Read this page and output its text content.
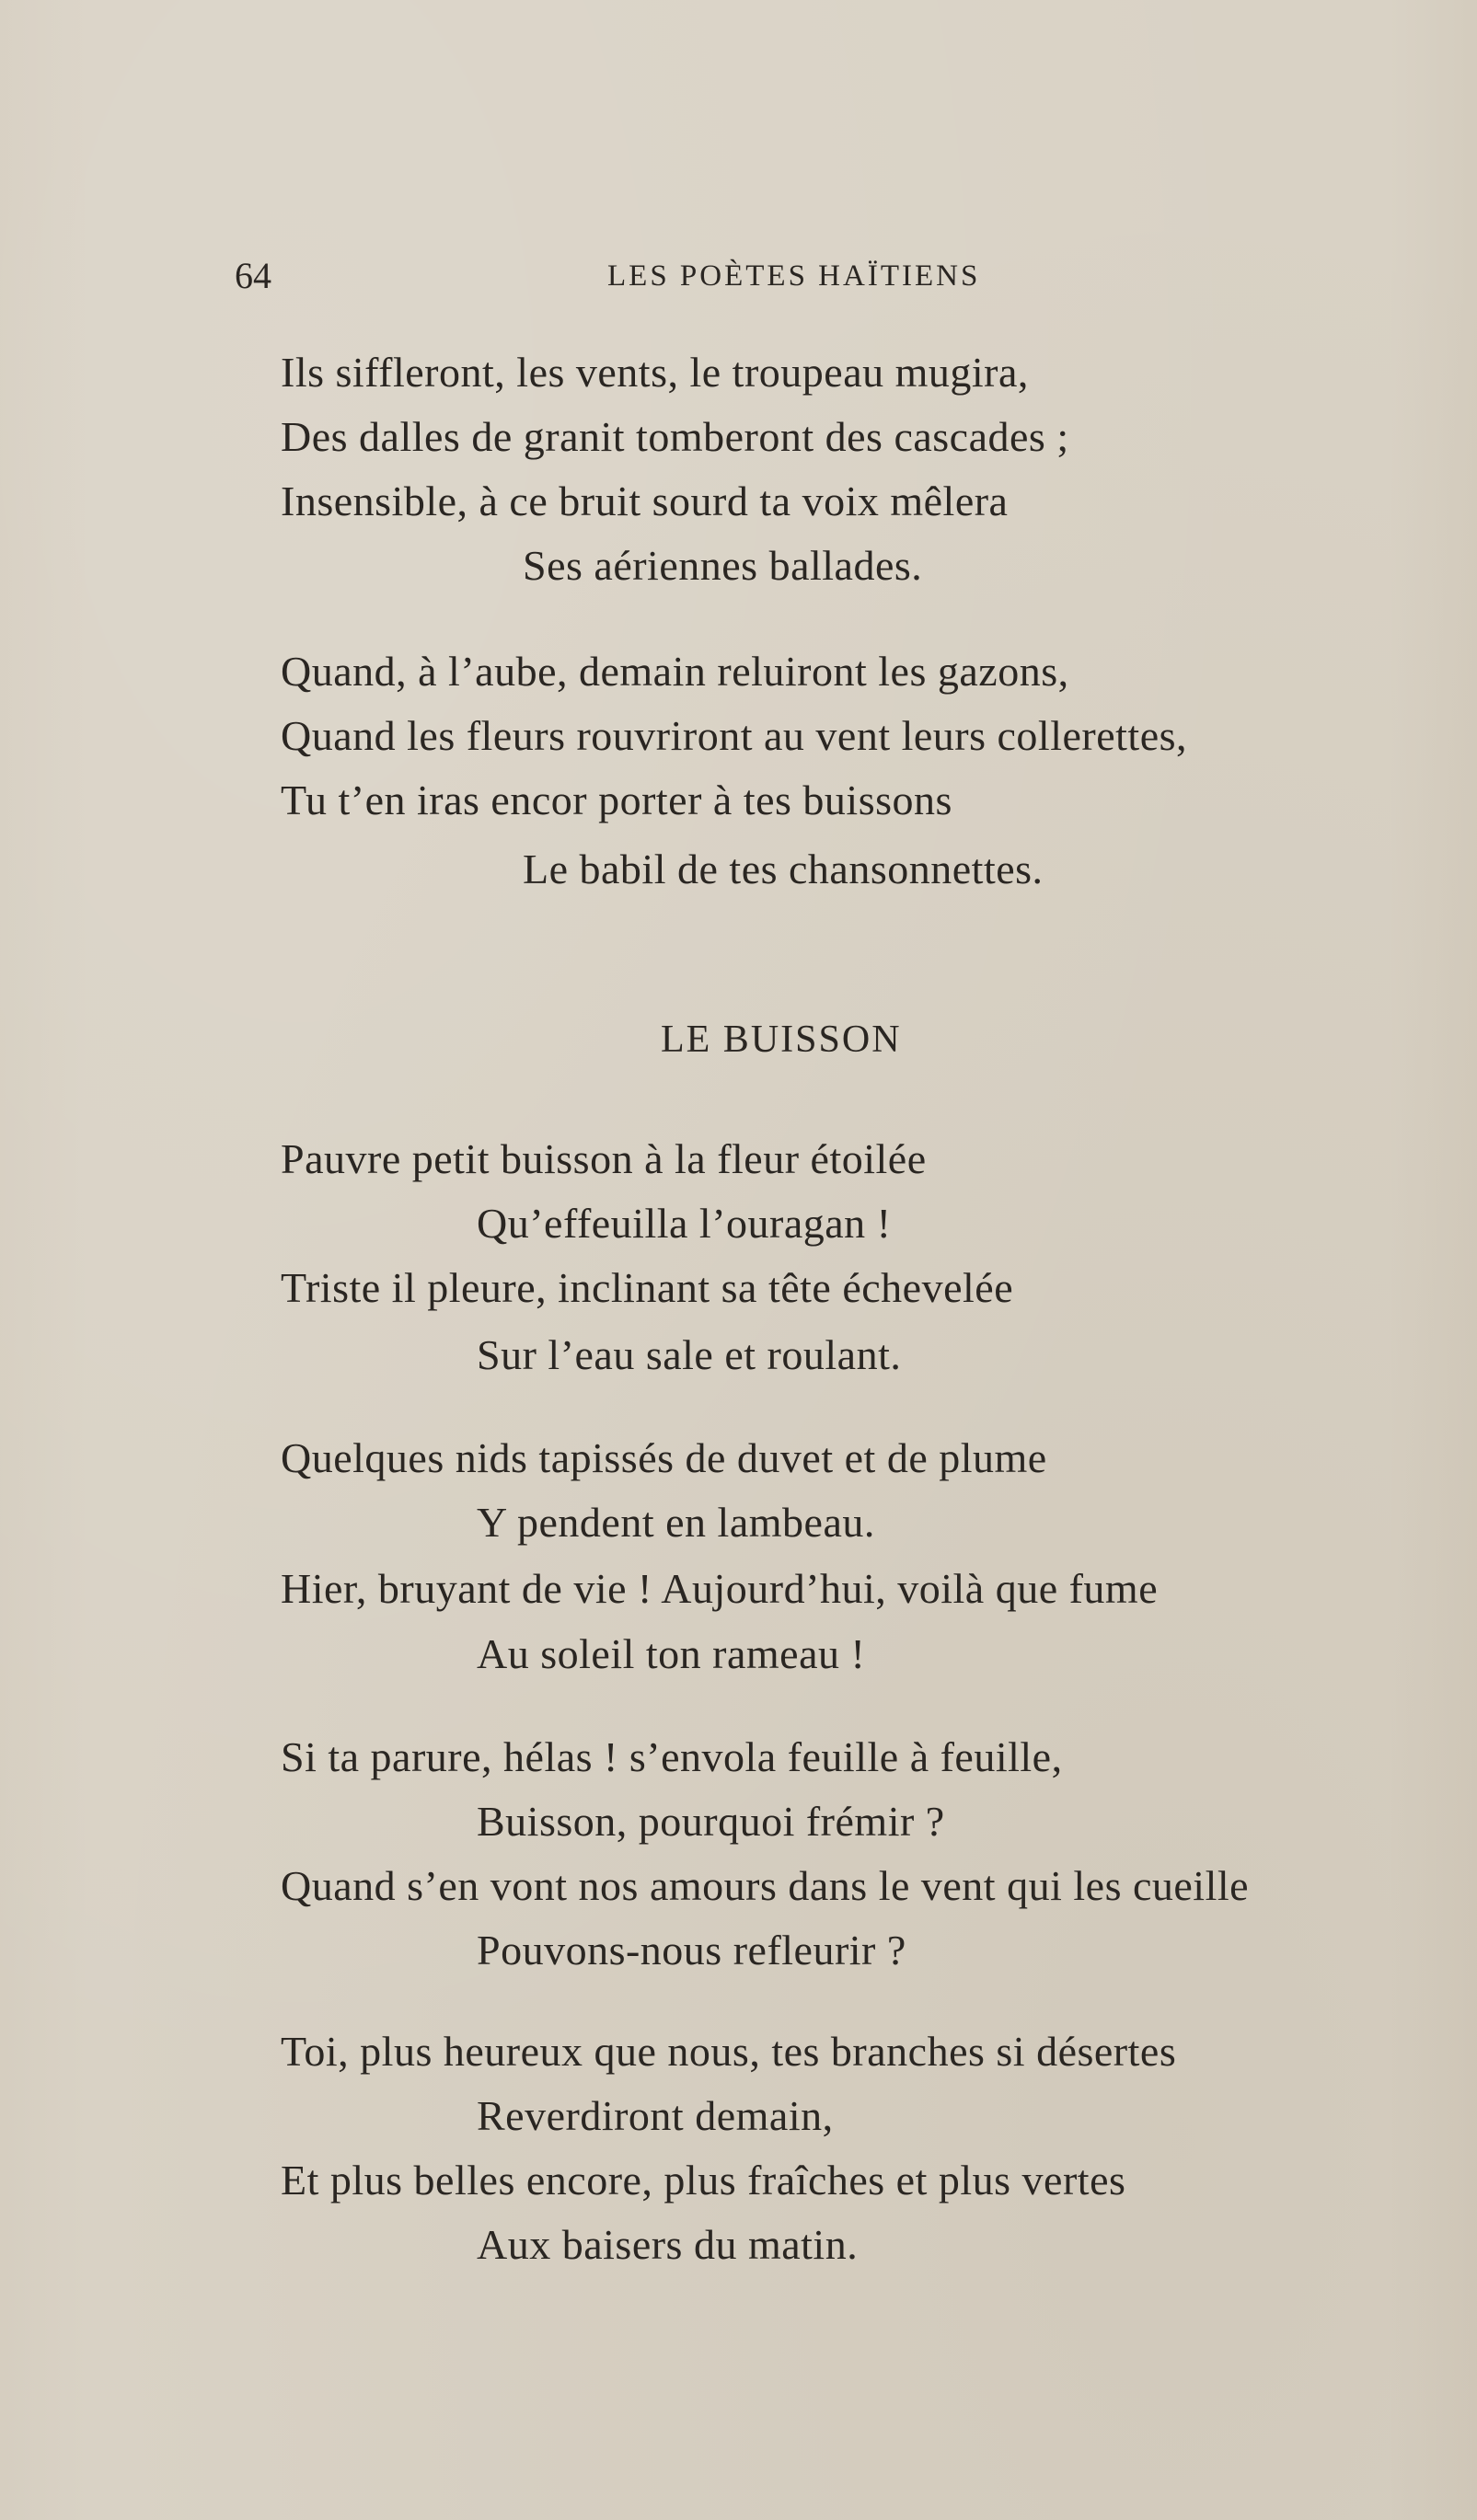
64	LES POÈTES HAÏTIENS
Ils siffleront, les vents, le troupeau mugira,
Des dalles de granit tomberont des cascades ;
Insensible, à ce bruit sourd ta voix mêlera
Ses aériennes ballades.
Quand, à l’aube, demain reluiront les gazons,
Quand les fleurs rouvriront au vent leurs collerettes,
Tu t’en iras encor porter à tes buissons
Le babil de tes chansonnettes.
LE BUISSON
Pauvre petit buisson à la fleur étoilée
Qu’effeuilla l’ouragan !
Triste il pleure, inclinant sa tête échevelée
Sur l’eau sale et roulant.
Quelques nids tapissés de duvet et de plume
Y pendent en lambeau.
Hier, bruyant de vie ! Aujourd’hui, voilà que fume
Au soleil ton rameau !
Si ta parure, hélas ! s’envola feuille à feuille,
Buisson, pourquoi frémir ?
Quand s’en vont nos amours dans le vent qui les cueille
Pouvons-nous refleurir ?
Toi, plus heureux que nous, tes branches si désertes
Reverdiront demain,
Et plus belles encore, plus fraîches et plus vertes
Aux baisers du matin.
